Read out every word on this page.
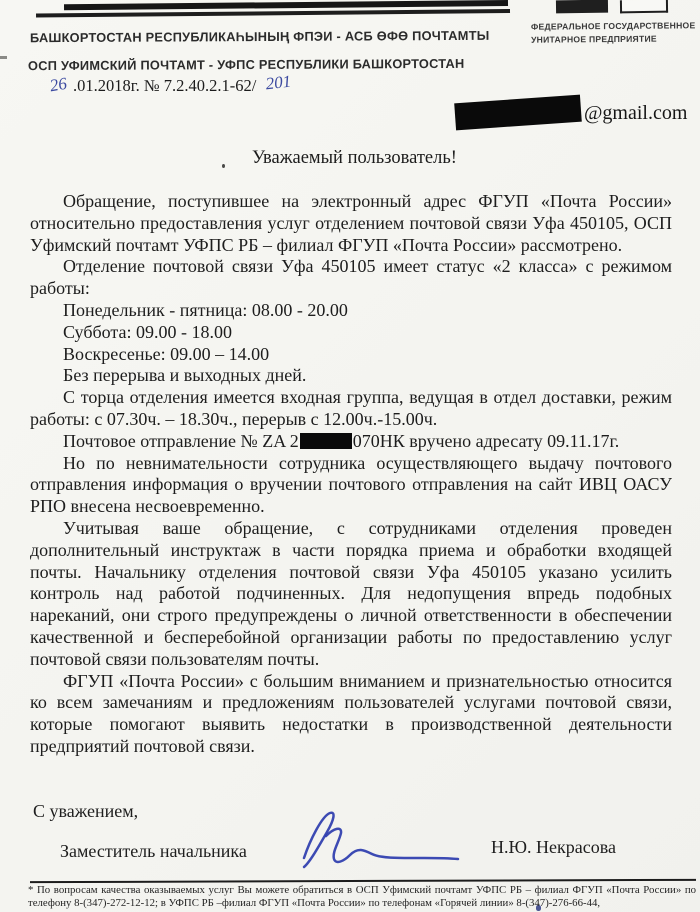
БАШКОРТОСТАН РЕСПУБЛИКАҺЫНЫҢ ФПЭИ - АСБ ӨФӨ ПОЧТАМТЫ
ОСП УФИМСКИЙ ПОЧТАМТ - УФПС РЕСПУБЛИКИ БАШКОРТОСТАН
ФЕДЕРАЛЬНОЕ ГОСУДАРСТВЕННОЕ
УНИТАРНОЕ ПРЕДПРИЯТИЕ
26 .01.2018г. № 7.2.40.2.1-62/ 201
@gmail.com
Уважаемый пользователь!

Обращение, поступившее на электронный адрес ФГУП «Почта России» относительно предоставления услуг отделением почтовой связи Уфа 450105, ОСП Уфимский почтамт УФПС РБ – филиал ФГУП «Почта России» рассмотрено.

Отделение почтовой связи Уфа 450105 имеет статус «2 класса» с режимом работы:

Понедельник - пятница: 08.00 - 20.00
Суббота: 09.00 - 18.00
Воскресенье: 09.00 – 14.00
Без перерыва и выходных дней.

С торца отделения имеется входная группа, ведущая в отдел доставки, режим работы: с 07.30ч. – 18.30ч., перерыв с 12.00ч.-15.00ч.

Почтовое отправление № ZA 2	070НК вручено адресату 09.11.17г.

Но по невнимательности сотрудника осуществляющего выдачу почтового отправления информация о вручении почтового отправления на сайт ИВЦ ОАСУ РПО внесена несвоевременно.

Учитывая ваше обращение, с сотрудниками отделения проведен дополнительный инструктаж в части порядка приема и обработки входящей почты. Начальнику отделения почтовой связи Уфа 450105 указано усилить контроль над работой подчиненных. Для недопущения впредь подобных нареканий, они строго предупреждены о личной ответственности в обеспечении качественной и бесперебойной организации работы по предоставлению услуг почтовой связи пользователям почты.

ФГУП «Почта России» с большим вниманием и признательностью относится ко всем замечаниям и предложениям пользователей услугами почтовой связи, которые помогают выявить недостатки в производственной деятельности предприятий почтовой связи.

С уважением,
Заместитель начальника	Н.Ю. Некрасова
* По вопросам качества оказываемых услуг Вы можете обратиться в ОСП Уфимский почтамт УФПС РБ – филиал ФГУП «Почта России» по телефону 8-(347)-272-12-12; в УФПС РБ –филиал ФГУП «Почта России» по телефонам «Горячей линии» 8-(347)-276-66-44,
